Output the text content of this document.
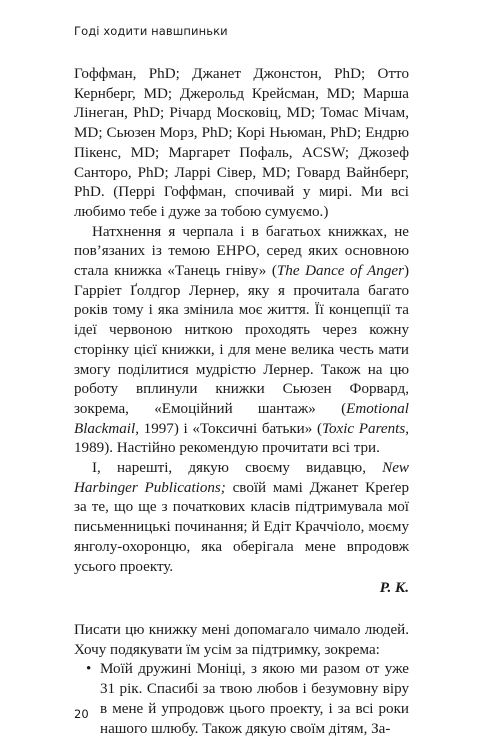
Годі ходити навшпиньки

Гоффман, PhD; Джанет Джонстон, PhD; Отто Кернберг, MD; Джерольд Крейсман, MD; Марша Лінеган, PhD; Річард Московіц, MD; Томас Мічам, MD; Сьюзен Морз, PhD; Корі Ньюман, PhD; Ендрю Пікенс, MD; Маргарет Пофаль, ACSW; Джозеф Санторо, PhD; Ларрі Сівер, MD; Говард Вайнберг, PhD. (Перрі Гоффман, спочивай у мирі. Ми всі любимо тебе і дуже за тобою сумуємо.)

Натхнення я черпала і в багатьох книжках, не пов’язаних із темою ЕНРО, серед яких основною стала книжка «Танець гніву» (The Dance of Anger) Гарріет Ґолдгор Лернер, яку я прочитала багато років тому і яка змінила моє життя. Її концепції та ідеї червоною ниткою проходять через кожну сторінку цієї книжки, і для мене велика честь мати змогу поділитися мудрістю Лернер. Також на цю роботу вплинули книжки Сьюзен Форвард, зокрема, «Емоційний шантаж» (Emotional Blackmail, 1997) і «Токсичні батьки» (Toxic Parents, 1989). Настійно рекомендую прочитати всі три.

І, нарешті, дякую своєму видавцю, New Harbinger Publications; своїй мамі Джанет Креґер за те, що ще з початкових класів підтримувала мої письменницькі починання; й Едіт Краччіоло, моєму янголу-охоронцю, яка оберігала мене впродовж усього проекту.

Р. К.

Писати цю книжку мені допомагало чимало людей. Хочу подякувати їм усім за підтримку, зокрема:

• Моїй дружині Моніці, з якою ми разом от уже 31 рік. Спасибі за твою любов і безумовну віру в мене й упродовж цього проекту, і за всі роки нашого шлюбу. Також дякую своїм дітям, За-
20
